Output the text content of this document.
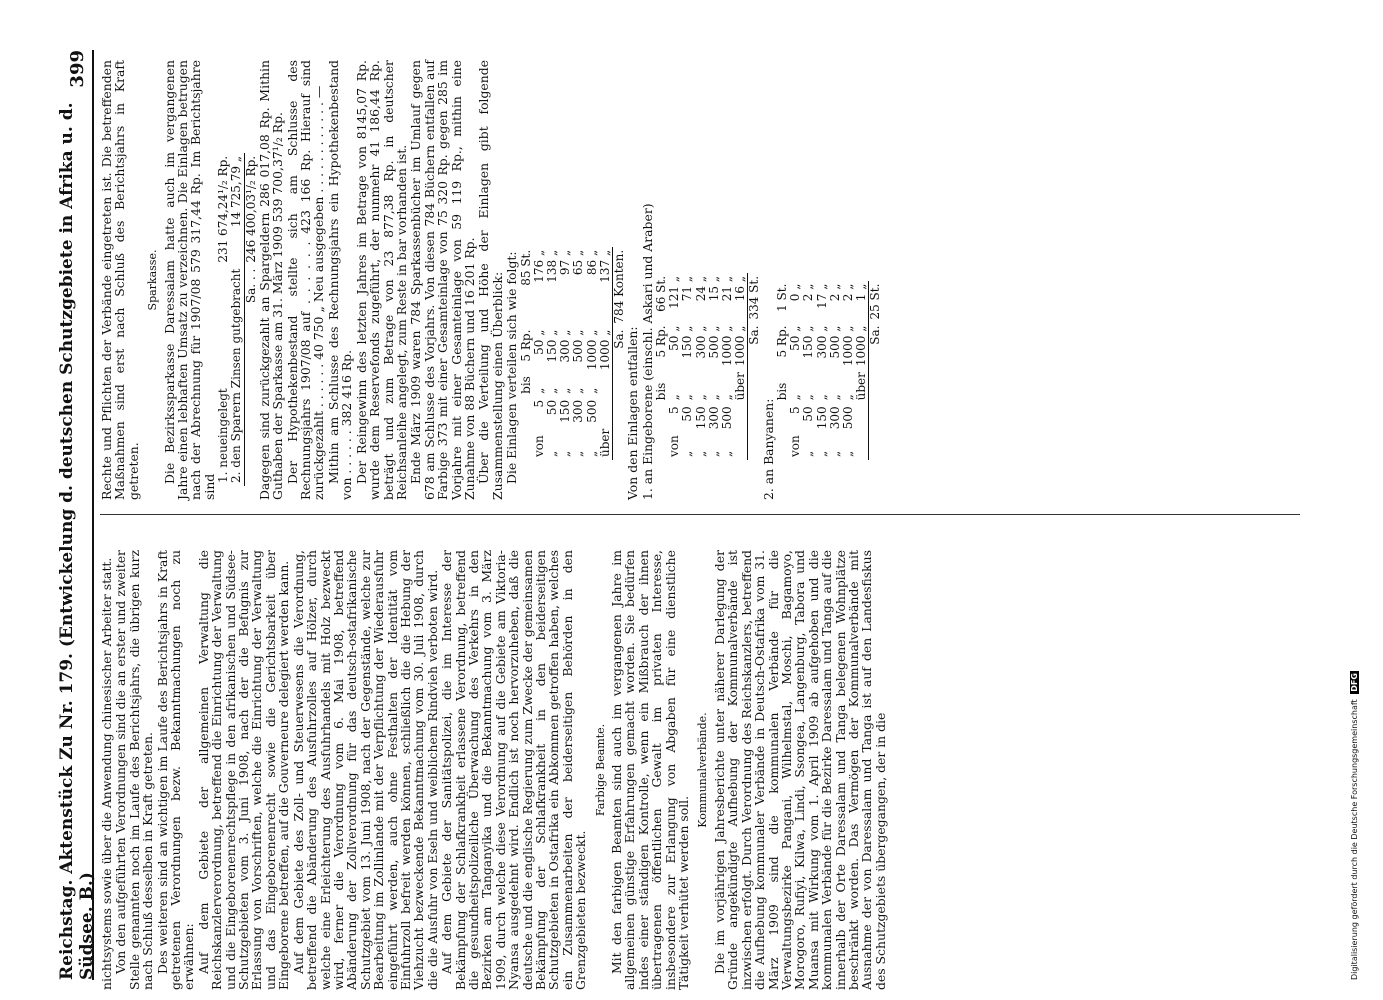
Reichstag. Aktenstück Zu Nr. 179. (Entwickelung d. deutschen Schutzgebiete in Afrika u. d. Südsee. B.)
399

nichtsystems sowie über die Anwendung chinesischer Arbeiter statt. Von den aufgeführten Verordnungen sind die an erster und zweiter Stelle genannten noch im Laufe des Berichtsjahrs, die übrigen kurz nach Schluß desselben in Kraft getreten. Des weiteren sind an wichtigen im Laufe des Berichtsjahrs in Kraft getretenen Verordnungen bezw. Bekanntmachungen noch zu erwähnen: Auf dem Gebiete der allgemeinen Verwaltung die Reichskanzlerverordnung, betreffend die Einrichtung der Verwaltung und die Eingeborenenrechtspflege in den afrikanischen und Südsee-Schutzgebieten vom 3. Juni 1908, nach der die Befugnis zur Erlassung von Vorschriften, welche die Einrichtung der Verwaltung und das Eingeborenenrecht sowie die Gerichtsbarkeit über Eingeborene betreffen, auf die Gouverneure delegiert werden kann. Auf dem Gebiete des Zoll- und Steuerwesens die Verordnung, betreffend die Abänderung des Ausfuhrzolles auf Hölzer, durch welche eine Erleichterung des Ausfuhrhandels mit Holz bezweckt wird, ferner die Verordnung vom 6. Mai 1908, betreffend Abänderung der Zollverordnung für das deutsch-ostafrikanische Schutzgebiet vom 13. Juni 1908, nach der Gegenstände, welche zur Bearbeitung im Zollinlande mit der Verpflichtung der Wiederausfuhr eingeführt werden, auch ohne Festhalten der Identität vom Einfuhrzoll befreit werden können, schließlich die die Hebung der Viehzucht bezweckende Bekanntmachung vom 30. Juli 1908, durch die die Ausfuhr von Eseln und weiblichem Rindvieh verboten wird. Auf dem Gebiete der Sanitätspolizei, die im Interesse der Bekämpfung der Schlafkrankheit erlassene Verordnung, betreffend die gesundheitspolizeiliche Überwachung des Verkehrs in den Bezirken am Tanganyika und die Bekanntmachung vom 3. März 1909, durch welche diese Verordnung auf die Gebiete am Viktoria-Nyansa ausgedehnt wird. Endlich ist noch hervorzuheben, daß die deutsche und die englische Regierung zum Zwecke der gemeinsamen Bekämpfung der Schlafkrankheit in den beiderseitigen Schutzgebieten in Ostafrika ein Abkommen getroffen haben, welches ein Zusammenarbeiten der beiderseitigen Behörden in den Grenzgebieten bezweckt.

Farbige Beamte. Mit den farbigen Beamten sind auch im vergangenen Jahre im allgemeinen günstige Erfahrungen gemacht worden. Sie bedürfen indes einer ständigen Kontrolle, wenn ein Mißbrauch der ihnen übertragenen öffentlichen Gewalt im privaten Interesse, insbesondere zur Erlangung von Abgaben für eine dienstliche Tätigkeit verhütet werden soll.

Kommunalverbände. Die im vorjährigen Jahresberichte unter näherer Darlegung der Gründe angekündigte Aufhebung der Kommunalverbände ist inzwischen erfolgt. Durch Verordnung des Reichskanzlers, betreffend die Aufhebung kommunaler Verbände in Deutsch-Ostafrika vom 31. März 1909 sind die kommunalen Verbände für die Verwaltungsbezirke Pangani, Wilhelmstal, Moschi, Bagamoyo, Morogoro, Rufiyi, Kilwa, Lindi, Ssongea, Langenburg, Tabora und Muansa mit Wirkung vom 1. April 1909 ab aufgehoben und die kommunalen Verbände für die Bezirke Daressalam und Tanga auf die innerhalb der Orte Daressalam und Tanga belegenen Wohnplätze beschränkt worden. Das Vermögen der Kommunalverbände mit Ausnahme der von Daressalam und Tanga ist auf den Landesfiskus des Schutzgebiets übergegangen, der in die

Rechte und Pflichten der Verbände eingetreten ist. Die betreffenden Maßnahmen sind erst nach Schluß des Berichtsjahrs in Kraft getreten.

Sparkasse. Die Bezirkssparkasse Daressalam hatte auch im vergangenen Jahre einen lebhaften Umsatz zu verzeichnen. Die Einlagen betrugen nach der Abrechnung für 1907/08 579 317,44 Rp. Im Berichtsjahre sind

1. neueingelegt	231 674,24¹/₂ Rp.
2. den Sparern Zinsen gutgebracht	14 725,79 „
Sa. . .	246 400,03¹/₂ Rp. Dagegen sind zurückgezahlt an Spargeldern 286 017,08 Rp. Mithin Guthaben der Sparkasse am 31. März 1909 539 700,37¹/₂ Rp. Der Hypothekenbestand stellte sich am Schlusse des Rechnungsjahrs 1907/08 auf . . . . . . 423 166 Rp. Hierauf sind zurückgezahlt . . . . . . 40 750 „ Neu ausgegeben . . . . . . . . . . . . — Mithin am Schlusse des Rechnungsjahrs ein Hypothekenbestand von . . . . . . 382 416 Rp. Der Reingewinn des letzten Jahres im Betrage von 8145,07 Rp. wurde dem Reservefonds zugeführt, der nunmehr 41 186,44 Rp. beträgt und zum Betrage von 23 877,38 Rp. in deutscher Reichsanleihe angelegt, zum Reste in bar vorhanden ist. Ende März 1909 waren 784 Sparkassenbücher im Umlauf gegen 678 am Schlusse des Vorjahrs. Von diesen 784 Büchern entfallen auf Farbige 373 mit einer Gesamteinlage von 75 320 Rp. gegen 285 im Vorjahre mit einer Gesamteinlage von 59 119 Rp., mithin eine Zunahme von 88 Büchern und 16 201 Rp. Über die Verteilung und Höhe der Einlagen gibt folgende Zusammenstellung einen Überblick: Die Einlagen verteilen sich wie folgt:

		bis	5 Rp.	85 St.
von	5	„	50 „	176 „
„	50	„	150 „	138 „
„	150	„	300 „	97 „
„	300	„	500 „	65 „
„	500	„	1000 „	86 „
über			1000 „	137 „
			Sa.	784 Konten.

Von den Einlagen entfallen: 1. an Eingeborene (einschl. Askari und Araber)

		bis	5 Rp.	66 St.
von	5	„	50 „	121 „
„	50	„	150 „	71 „
„	150	„	300 „	24 „
„	300	„	500 „	15 „
„	500	„	1000 „	21 „
		über	1000 „	16 „
			Sa.	334 St.

2. an Banyanen:

		bis	5 Rp.	1 St.
von	5	„	50 „	0 „
„	50	„	150 „	2 „
„	150	„	300 „	17 „
„	300	„	500 „	2 „
„	500	„	1000 „	2 „
		über	1000 „	1 „
			Sa.	25 St.
Digitalisierung gefördert durch die Deutsche Forschungsgemeinschaft DFG
